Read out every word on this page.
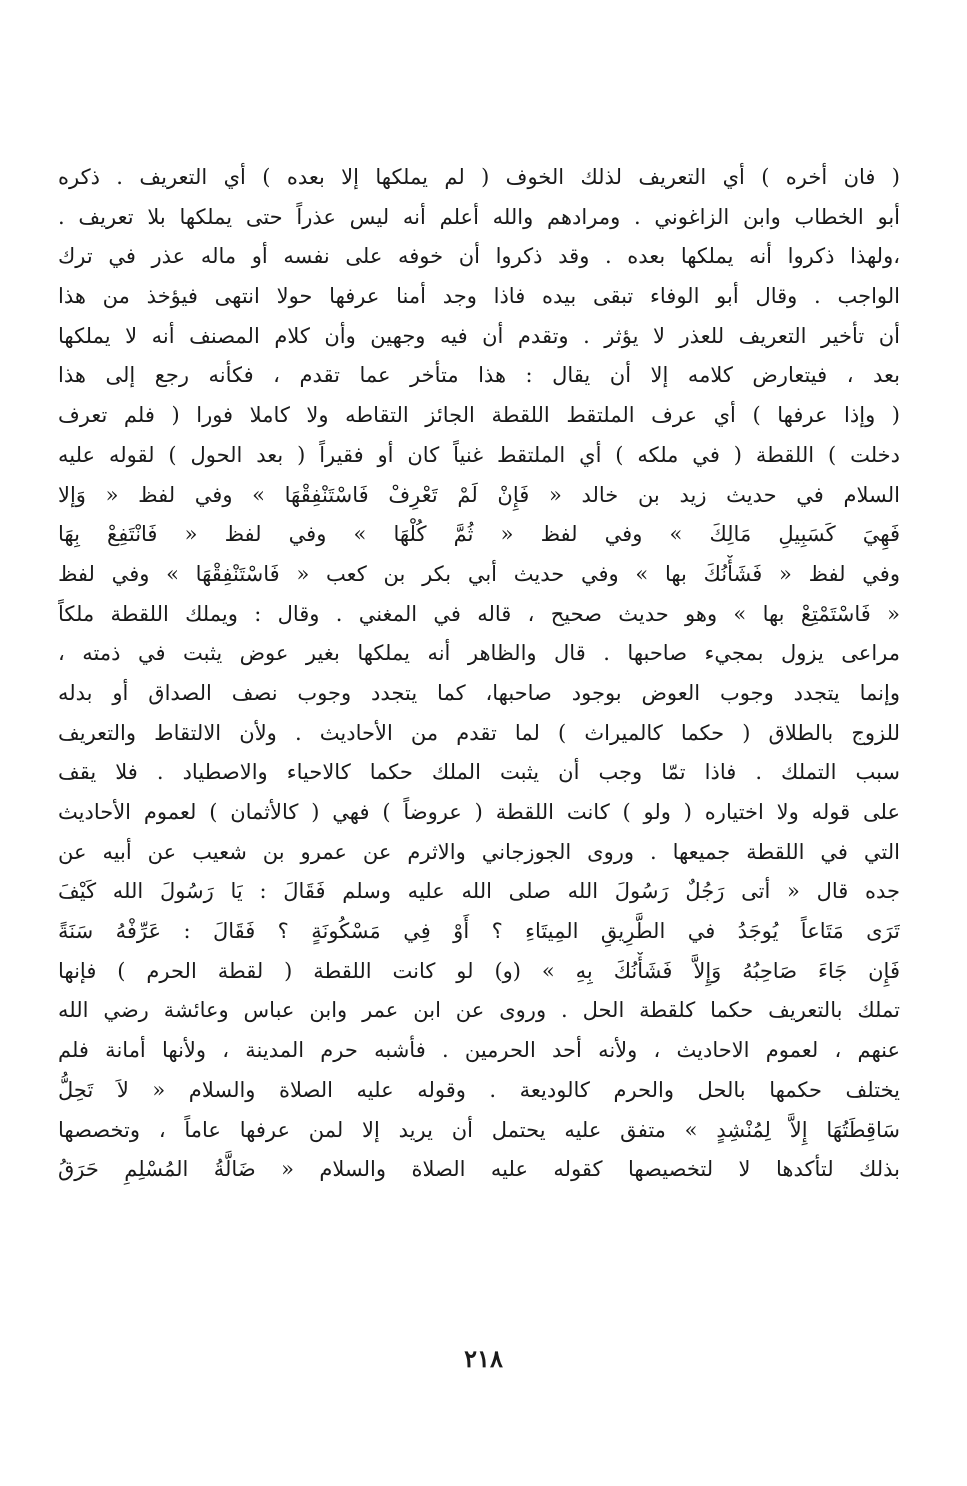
( فان أخره ) أي التعريف لذلك الخوف ( لم يملكها إلا بعده ) أي التعريف . ذكره
أبو الخطاب وابن الزاغوني . ومرادهم والله أعلم أنه ليس عذراً حتى يملكها بلا تعريف .
،ولهذا ذكروا أنه يملكها بعده . وقد ذكروا أن خوفه على نفسه أو ماله عذر في ترك
الواجب . وقال أبو الوفاء تبقى بيده فاذا وجد أمنا عرفها حولا انتهى فيؤخذ من هذا
أن تأخير التعريف للعذر لا يؤثر . وتقدم أن فيه وجهين وأن كلام المصنف أنه لا يملكها
بعد ، فيتعارض كلامه إلا أن يقال : هذا متأخر عما تقدم ، فكأنه رجع إلى هذا
( وإذا عرفها ) أي عرف الملتقط اللقطة الجائز التقاطه ولا كاملا فورا ( فلم تعرف
دخلت ) اللقطة ( في ملكه ) أي الملتقط غنياً كان أو فقيراً ( بعد الحول ) لقوله عليه
السلام في حديث زيد بن خالد « فَإِنْ لَمْ تَعْرِفْ فَاسْتَنْفِقْهَا » وفي لفظ « وَإلا
فَهِيَ كَسَبِيلِ مَالِكَ » وفي لفظ « ثُمَّ كُلْهَا » وفي لفظ « فَانْتَفِعْ بِهَا
وفي لفظ « فَشَأْنُكَ بها » وفي حديث أبي بكر بن كعب « فَاسْتَنْفِقْهَا » وفي لفظ
« فَاسْتَمْتِعْ بها » وهو حديث صحيح ، قاله في المغني . وقال : ويملك اللقطة ملكاً
مراعى يزول بمجيء صاحبها . قال والظاهر أنه يملكها بغير عوض يثبت في ذمته ،
وإنما يتجدد وجوب العوض بوجود صاحبها، كما يتجدد وجوب نصف الصداق أو بدله
للزوج بالطلاق ( حكما كالميراث ) لما تقدم من الأحاديث . ولأن الالتقاط والتعريف
سبب التملك . فاذا تمّا وجب أن يثبت الملك حكما كالاحياء والاصطياد . فلا يقف
على قوله ولا اختياره ( ولو ) كانت اللقطة ( عروضاً ) فهي ( كالأثمان ) لعموم الأحاديث
التي في اللقطة جميعها . وروى الجوزجاني والاثرم عن عمرو بن شعيب عن أبيه عن
جده قال « أتى رَجُلٌ رَسُولَ الله صلى الله عليه وسلم فَقَالَ : يَا رَسُولَ الله كَيْفَ
تَرَى مَتَاعاً يُوجَدُ في الطَّرِيقِ المِيتَاءِ ؟ أَوْ فِي مَسْكُونَةٍ ؟ فَقَالَ : عَرِّفْهُ سَنَةً
فَإِن جَاءَ صَاحِبُهُ وَإِلاَّ فَشَأْنُكَ بِهِ » (و) لو كانت اللقطة ( لقطة الحرم ) فإنها
تملك بالتعريف حكما كلقطة الحل . وروى عن ابن عمر وابن عباس وعائشة رضي الله
عنهم ، لعموم الاحاديث ، ولأنه أحد الحرمين . فأشبه حرم المدينة ، ولأنها أمانة فلم
يختلف حكمها بالحل والحرم كالوديعة . وقوله عليه الصلاة والسلام « لاَ تَحِلُّ
سَاقِطَتُهَا إِلاَّ لِمُنْشِدٍ » متفق عليه يحتمل أن يريد إلا لمن عرفها عاماً ، وتخصصها
بذلك لتأكدها لا لتخصيصها كقوله عليه الصلاة والسلام « ضَالَّةُ المُسْلِمِ حَرَقُ
٢١٨
